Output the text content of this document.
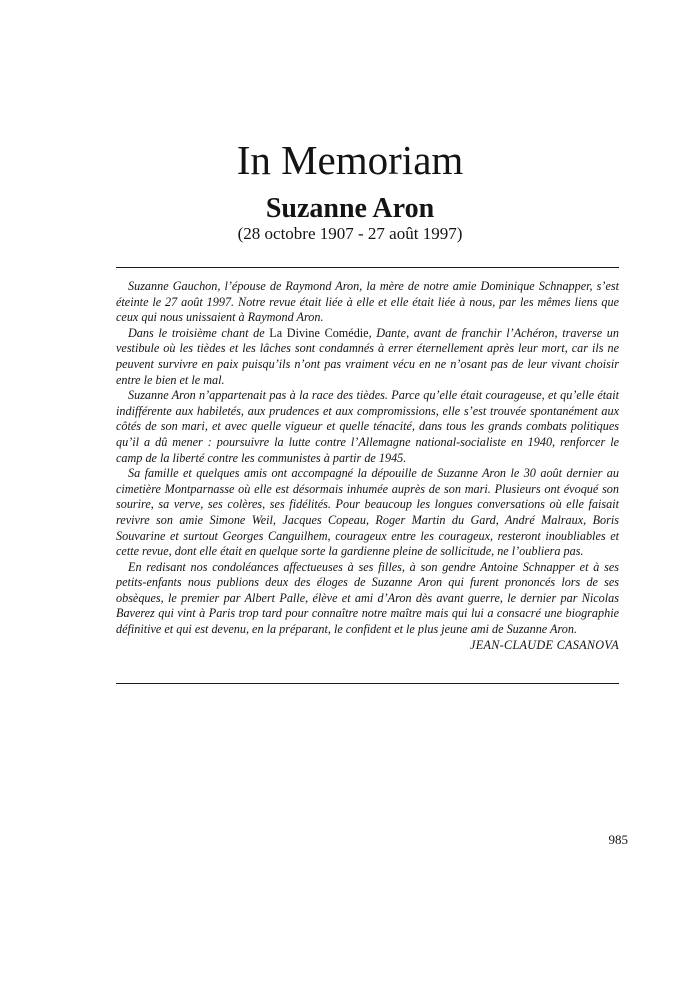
In Memoriam
Suzanne Aron
(28 octobre 1907 - 27 août 1997)

Suzanne Gauchon, l’épouse de Raymond Aron, la mère de notre amie Dominique Schnapper, s’est éteinte le 27 août 1997. Notre revue était liée à elle et elle était liée à nous, par les mêmes liens que ceux qui nous unissaient à Raymond Aron.

Dans le troisième chant de La Divine Comédie, Dante, avant de franchir l’Achéron, traverse un vestibule où les tièdes et les lâches sont condamnés à errer éternellement après leur mort, car ils ne peuvent survivre en paix puisqu’ils n’ont pas vraiment vécu en ne n’osant pas de leur vivant choisir entre le bien et le mal.

Suzanne Aron n’appartenait pas à la race des tièdes. Parce qu’elle était courageuse, et qu’elle était indifférente aux habiletés, aux prudences et aux compromissions, elle s’est trouvée spontanément aux côtés de son mari, et avec quelle vigueur et quelle ténacité, dans tous les grands combats politiques qu’il a dû mener : poursuivre la lutte contre l’Allemagne national-socialiste en 1940, renforcer le camp de la liberté contre les communistes à partir de 1945.

Sa famille et quelques amis ont accompagné la dépouille de Suzanne Aron le 30 août dernier au cimetière Montparnasse où elle est désormais inhumée auprès de son mari. Plusieurs ont évoqué son sourire, sa verve, ses colères, ses fidélités. Pour beaucoup les longues conversations où elle faisait revivre son amie Simone Weil, Jacques Copeau, Roger Martin du Gard, André Malraux, Boris Souvarine et surtout Georges Canguilhem, courageux entre les courageux, resteront inoubliables et cette revue, dont elle était en quelque sorte la gardienne pleine de sollicitude, ne l’oubliera pas.

En redisant nos condoléances affectueuses à ses filles, à son gendre Antoine Schnapper et à ses petits-enfants nous publions deux des éloges de Suzanne Aron qui furent prononcés lors de ses obsèques, le premier par Albert Palle, élève et ami d’Aron dès avant guerre, le dernier par Nicolas Baverez qui vint à Paris trop tard pour connaître notre maître mais qui lui a consacré une biographie définitive et qui est devenu, en la préparant, le confident et le plus jeune ami de Suzanne Aron.

JEAN-CLAUDE CASANOVA

985
